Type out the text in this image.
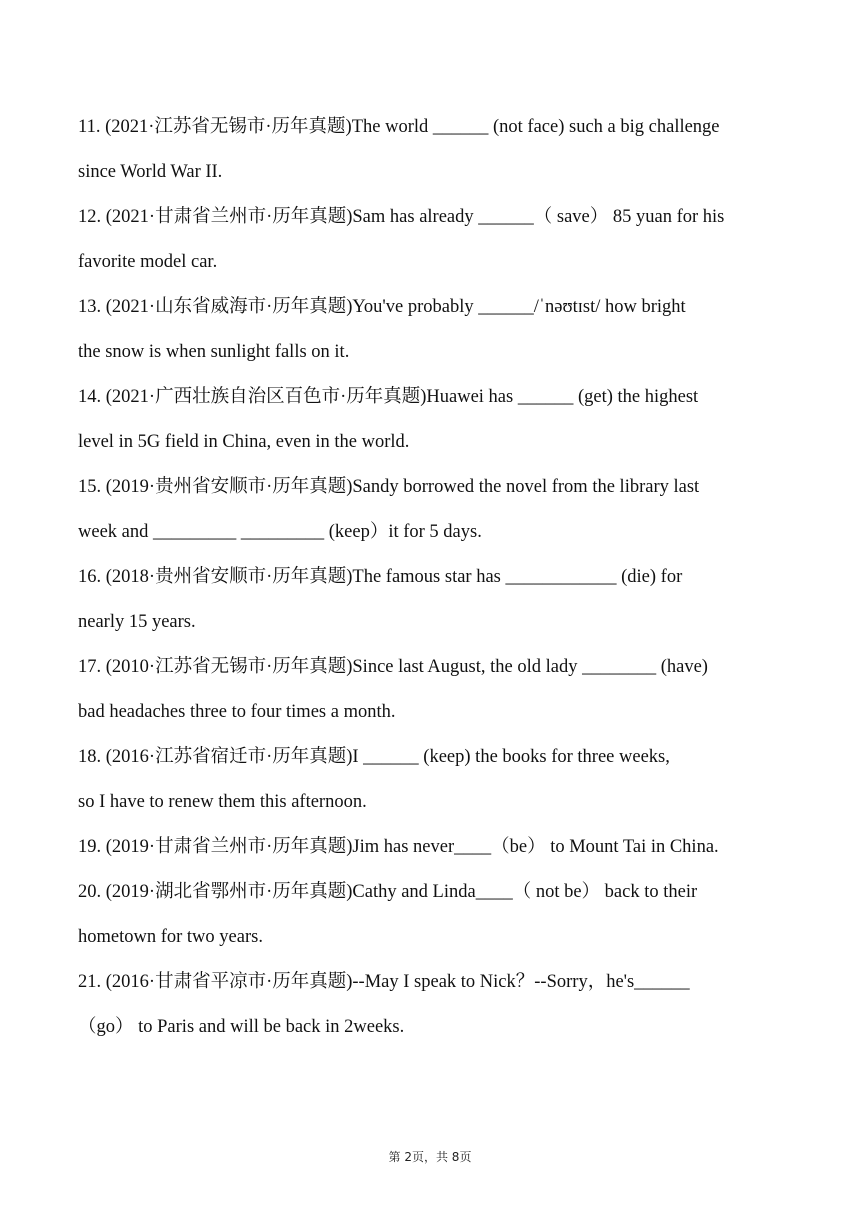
11. (2021·江苏省无锡市·历年真题)The world ______ (not face) such a big challenge
since World War II.
12. (2021·甘肃省兰州市·历年真题)Sam has already ______（ save） 85 yuan for his
favorite model car.
13. (2021·山东省威海市·历年真题)You've probably ______/ˈnəʊtɪst/ how bright
the snow is when sunlight falls on it.
14. (2021·广西壮族自治区百色市·历年真题)Huawei has ______ (get) the highest
level in 5G field in China, even in the world.
15. (2019·贵州省安顺市·历年真题)Sandy borrowed the novel from the library last
week and _________ _________ (keep）it for 5 days.
16. (2018·贵州省安顺市·历年真题)The famous star has ____________ (die) for
nearly 15 years.
17. (2010·江苏省无锡市·历年真题)Since last August, the old lady ________ (have)
bad headaches three to four times a month.
18. (2016·江苏省宿迁市·历年真题)I ______ (keep) the books for three weeks,
so I have to renew them this afternoon.
19. (2019·甘肃省兰州市·历年真题)Jim has never____（be） to Mount Tai in China.
20. (2019·湖北省鄂州市·历年真题)Cathy and Linda____（ not be） back to their
hometown for two years.
21. (2016·甘肃省平凉市·历年真题)--May I speak to Nick？--Sorry，he's______
（go） to Paris and will be back in 2weeks.
第 2页，共 8页
